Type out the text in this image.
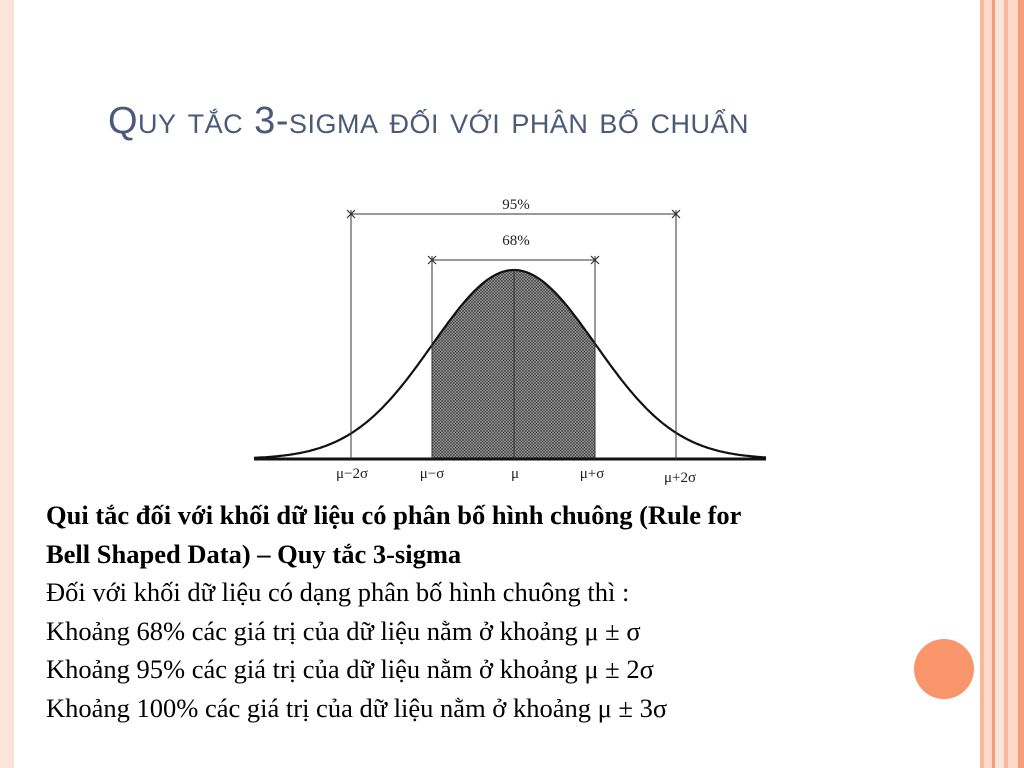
Quy tắc 3-sigma đối với phân bố chuẩn
95%
68%
μ−2σ	μ−σ	μ	μ+σ	μ+2σ
Qui tắc đối với khối dữ liệu có phân bố hình chuông (Rule for
Bell Shaped Data) – Quy tắc 3-sigma
Đối với khối dữ liệu có dạng phân bố hình chuông thì :
Khoảng 68% các giá trị của dữ liệu nằm ở khoảng μ ± σ
Khoảng 95% các giá trị của dữ liệu nằm ở khoảng μ ± 2σ
Khoảng 100% các giá trị của dữ liệu nằm ở khoảng μ ± 3σ
